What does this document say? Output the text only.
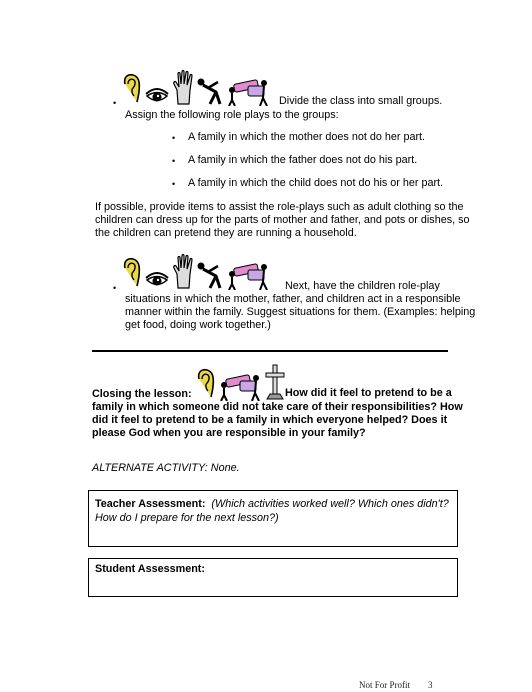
•	Divide the class into small groups.
Assign the following role plays to the groups:
• A family in which the mother does not do her part.
• A family in which the father does not do his part.
• A family in which the child does not do his or her part.
If possible, provide items to assist the role-plays such as adult clothing so the
children can dress up for the parts of mother and father, and pots or dishes, so
the children can pretend they are running a household.
•	Next, have the children role-play
situations in which the mother, father, and children act in a responsible
manner within the family. Suggest situations for them. (Examples: helping
get food, doing work together.)
Closing the lesson:	How did it feel to pretend to be a
family in which someone did not take care of their responsibilities? How
did it feel to pretend to be a family in which everyone helped? Does it
please God when you are responsible in your family?
ALTERNATE ACTIVITY: None.
Teacher Assessment: (Which activities worked well? Which ones didn't?
How do I prepare for the next lesson?)
Student Assessment:
Not For Profit 3
